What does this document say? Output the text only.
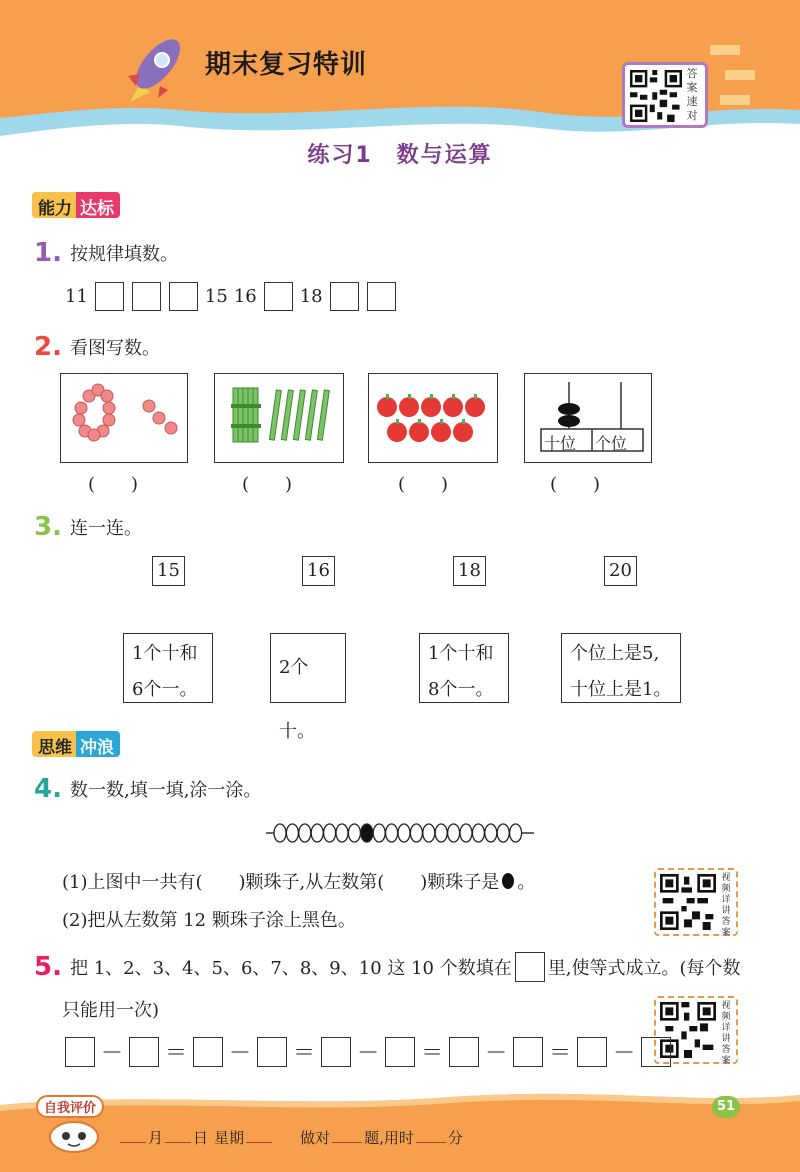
期末复习特训	答案速对
练习1　数与运算
能力 达标
1. 按规律填数。
11	15 16 18
2. 看图写数。
十位 个位
(　　)	(　　)	(　　)	(　　)
3. 连一连。
15	16	18	20
1个十和
6个一。
2个十。
1个十和
8个一。
个位上是5,
十位上是1。
思维 冲浪
4. 数一数,填一填,涂一涂。
(1)上图中一共有(　　)颗珠子,从左数第(　　)颗珠子是 。
(2)把从左数第 12 颗珠子涂上黑色。
视频详讲答案
5. 把 1、2、3、4、5、6、7、8、9、10 这 10 个数填在 里,使等式成立。(每个数
只能用一次)	视频详讲答案
－ ＝ － ＝ － ＝ － ＝ －
自我评价
月 日 星期	做对 题,用时 分
51
